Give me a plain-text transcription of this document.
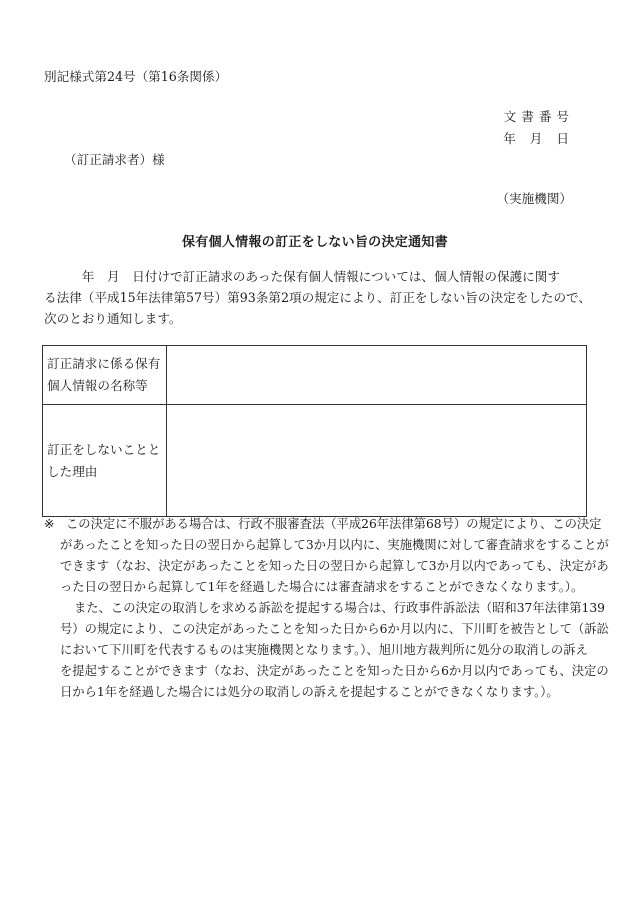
別記様式第24号（第16条関係）
文書番号
年 月 日
（訂正請求者）様
（実施機関）
保有個人情報の訂正をしない旨の決定通知書
　　　年　月　日付けで訂正請求のあった保有個人情報については、個人情報の保護に関す
る法律（平成15年法律第57号）第93条第2項の規定により、訂正をしない旨の決定をしたので、
次のとおり通知します。
訂正請求に係る保有
個人情報の名称等	

訂正をしないことと
した理由	

※ この決定に不服がある場合は、行政不服審査法（平成26年法律第68号）の規定により、この決定
があったことを知った日の翌日から起算して3か月以内に、実施機関に対して審査請求をすることが
できます（なお、決定があったことを知った日の翌日から起算して3か月以内であっても、決定があ
った日の翌日から起算して1年を経過した場合には審査請求をすることができなくなります。）。
また、この決定の取消しを求める訴訟を提起する場合は、行政事件訴訟法（昭和37年法律第139
号）の規定により、この決定があったことを知った日から6か月以内に、下川町を被告として（訴訟
において下川町を代表するものは実施機関となります。）、旭川地方裁判所に処分の取消しの訴え
を提起することができます（なお、決定があったことを知った日から6か月以内であっても、決定の
日から1年を経過した場合には処分の取消しの訴えを提起することができなくなります。）。
